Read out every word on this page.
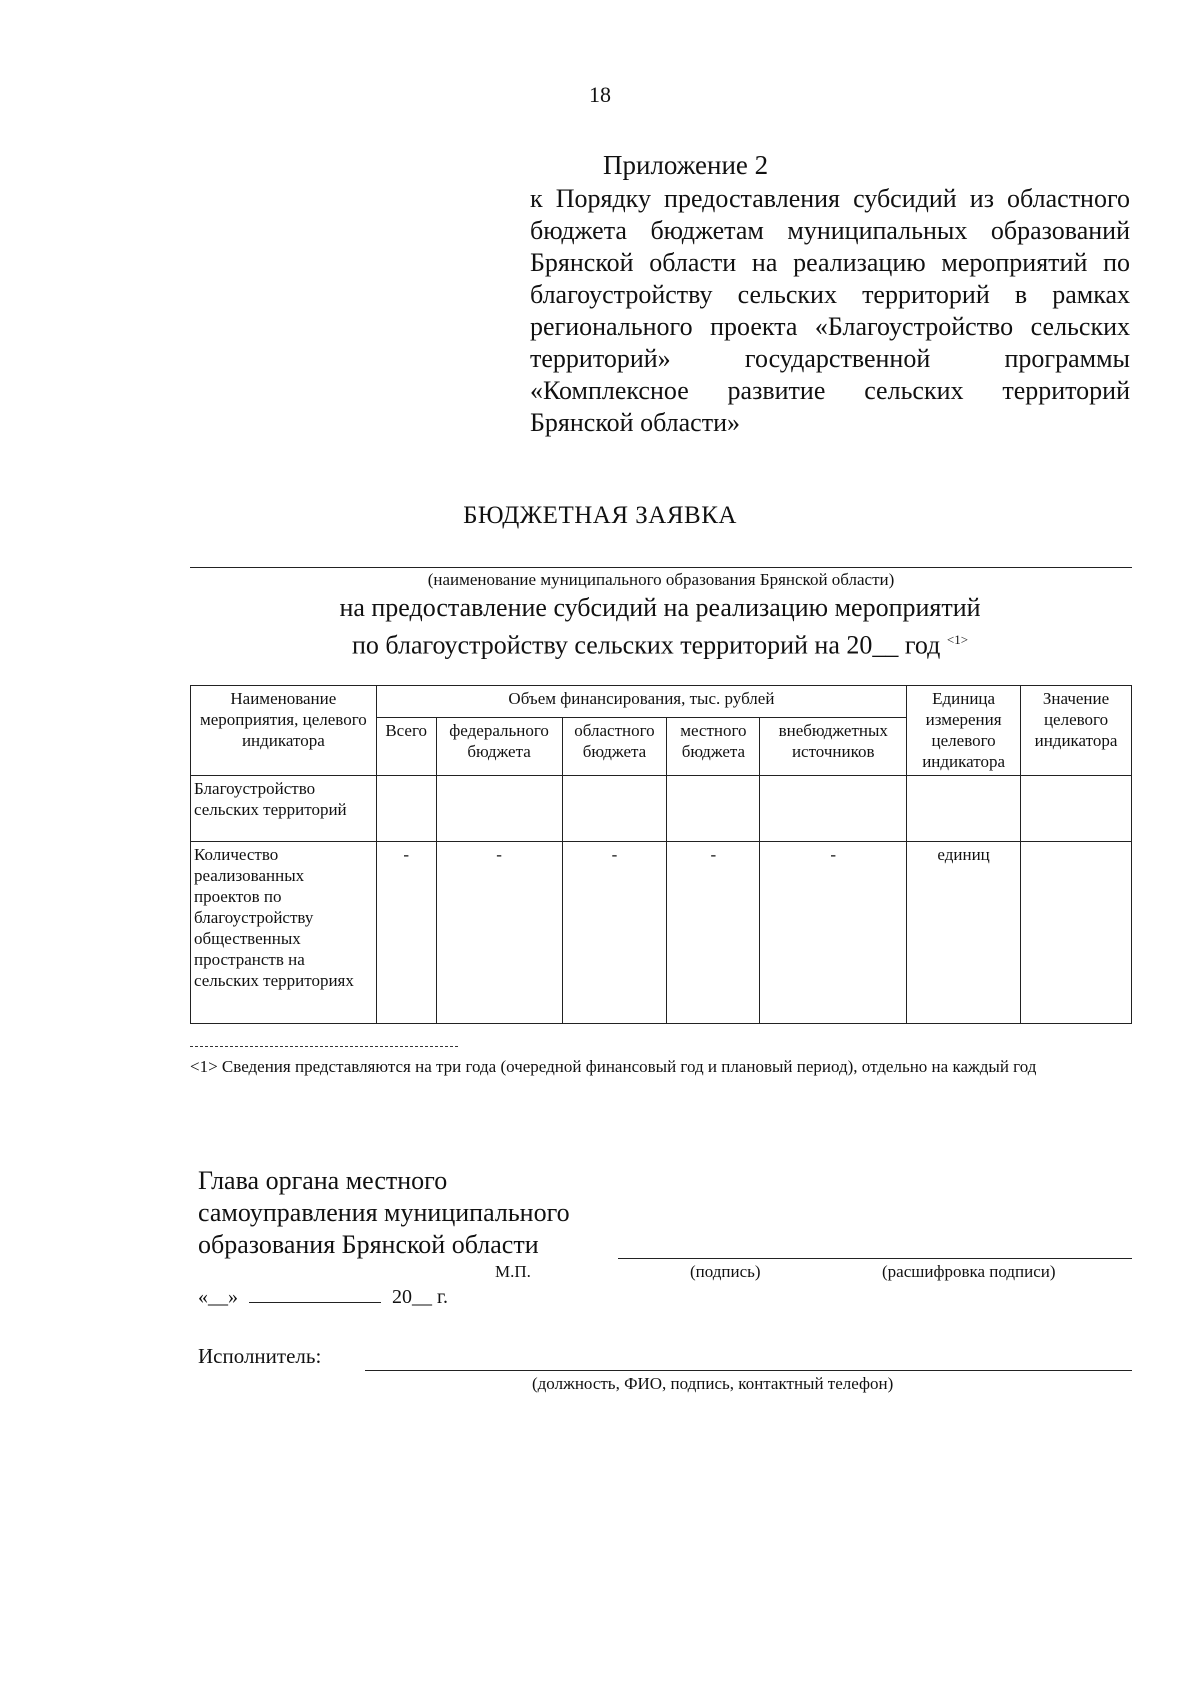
18
Приложение 2
к Порядку предоставления субсидий из областного бюджета бюджетам муниципальных образований Брянской области на реализацию мероприятий по благоустройству сельских территорий в рамках регионального проекта «Благоустройство сельских территорий» государственной программы «Комплексное развитие сельских территорий Брянской области»
БЮДЖЕТНАЯ ЗАЯВКА
(наименование муниципального образования Брянской области)
на предоставление субсидий на реализацию мероприятий
по благоустройству сельских территорий на 20__ год $^{<1>}$
Наименование мероприятия, целевого индикатора	Объем финансирования, тыс. рублей					Единица измерения целевого индикатора	Значение целевого индикатора
	Всего	федерального бюджета	областного бюджета	местного бюджета	внебюджетных источников		
Благоустройство сельских территорий							
Количество реализованных проектов по благоустройству общественных пространств на сельских территориях	-	-	-	-	-	единиц	
<1> Сведения представляются на три года (очередной финансовый год и плановый период), отдельно на каждый год
Глава органа местного
самоуправления муниципального
образования Брянской области
М.П.	(подпись)	(расшифровка подписи)
«__»	20__ г.
Исполнитель:
(должность, ФИО, подпись, контактный телефон)
